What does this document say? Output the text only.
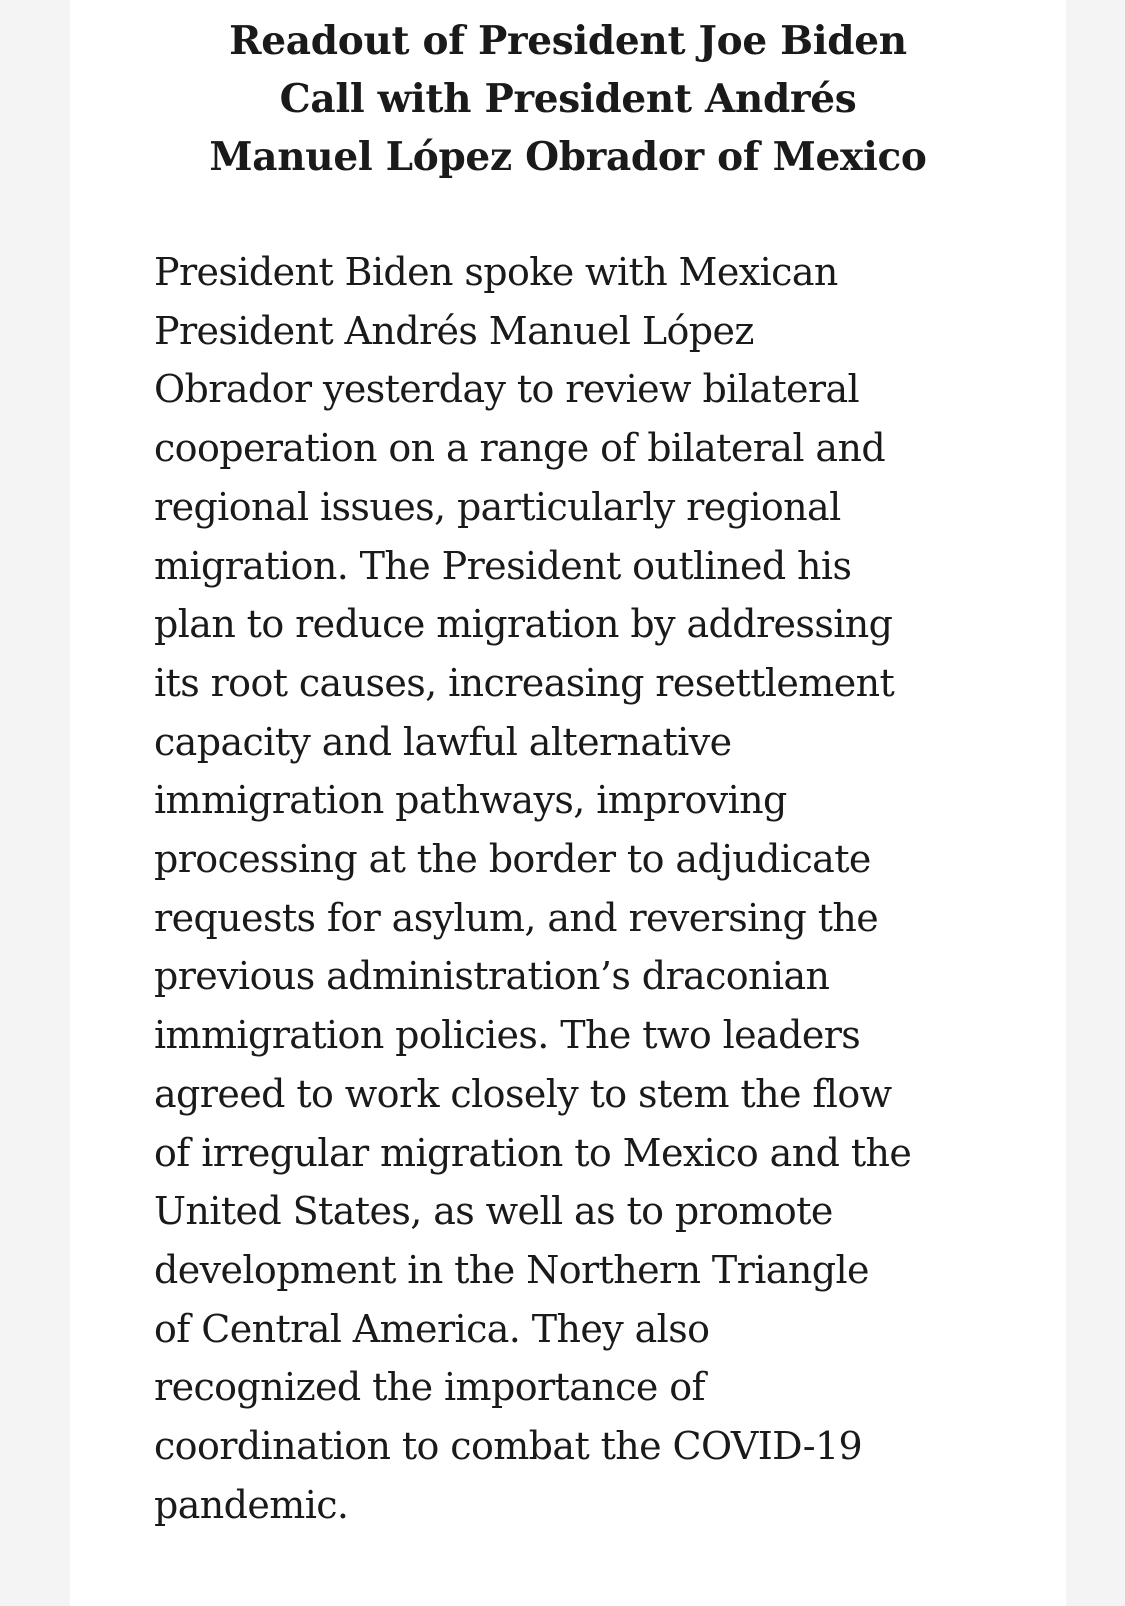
Readout of President Joe Biden
Call with President Andrés
Manuel López Obrador of Mexico

President Biden spoke with Mexican
President Andrés Manuel López
Obrador yesterday to review bilateral
cooperation on a range of bilateral and
regional issues, particularly regional
migration. The President outlined his
plan to reduce migration by addressing
its root causes, increasing resettlement
capacity and lawful alternative
immigration pathways, improving
processing at the border to adjudicate
requests for asylum, and reversing the
previous administration’s draconian
immigration policies. The two leaders
agreed to work closely to stem the flow
of irregular migration to Mexico and the
United States, as well as to promote
development in the Northern Triangle
of Central America. They also
recognized the importance of
coordination to combat the COVID-19
pandemic.
